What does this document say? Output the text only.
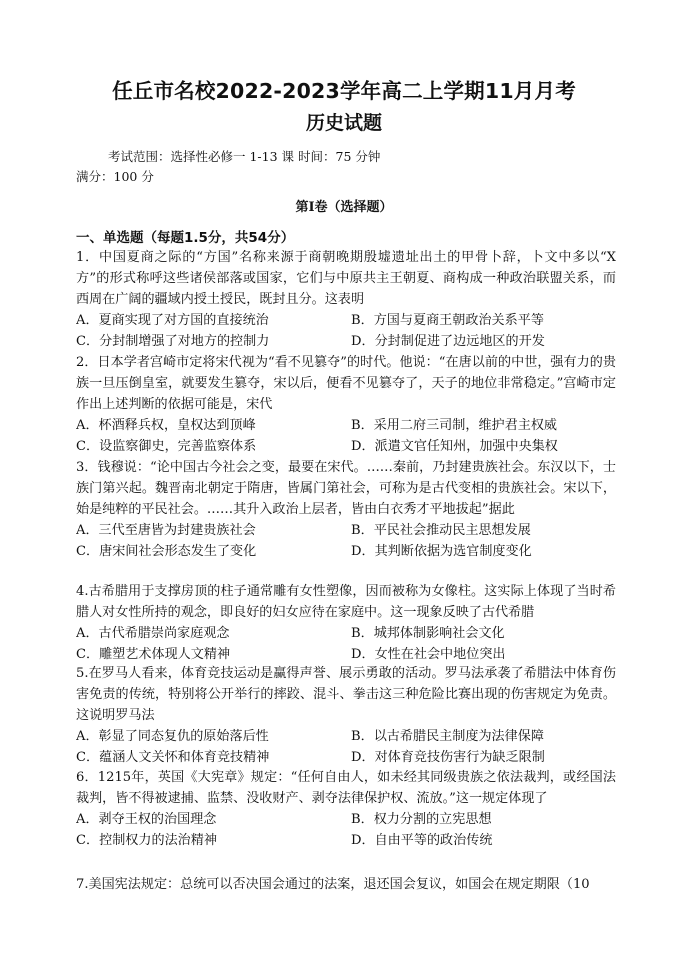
任丘市名校2022-2023学年高二上学期11月月考
历史试题
考试范围：选择性必修一 1-13 课 时间：75 分钟
满分：100 分
第Ⅰ卷（选择题）
一、单选题（每题1.5分，共54分）

1．中国夏商之际的“方国”名称来源于商朝晚期殷墟遗址出土的甲骨卜辞，卜文中多以“X方”的形式称呼这些诸侯部落或国家，它们与中原共主王朝夏、商构成一种政治联盟关系，而西周在广阔的疆域内授土授民，既封且分。这表明

A．夏商实现了对方国的直接统治	B．方国与夏商王朝政治关系平等
C．分封制增强了对地方的控制力	D．分封制促进了边远地区的开发

2．日本学者宫崎市定将宋代视为“看不见篡夺”的时代。他说：“在唐以前的中世，强有力的贵族一旦压倒皇室，就要发生篡夺，宋以后，便看不见篡夺了，天子的地位非常稳定。”宫崎市定作出上述判断的依据可能是，宋代

A．杯酒释兵权，皇权达到顶峰	B．采用二府三司制，维护君主权威
C．设监察御史，完善监察体系	D．派遣文官任知州，加强中央集权

3．钱穆说：“论中国古今社会之变，最要在宋代。……秦前，乃封建贵族社会。东汉以下，士族门第兴起。魏晋南北朝定于隋唐，皆属门第社会，可称为是古代变相的贵族社会。宋以下，始是纯粹的平民社会。……其升入政治上层者，皆由白衣秀才平地拔起”据此

A．三代至唐皆为封建贵族社会	B．平民社会推动民主思想发展
C．唐宋间社会形态发生了变化	D．其判断依据为选官制度变化

4.古希腊用于支撑房顶的柱子通常雕有女性塑像，因而被称为女像柱。这实际上体现了当时希腊人对女性所持的观念，即良好的妇女应待在家庭中。这一现象反映了古代希腊

A．古代希腊崇尚家庭观念	B．城邦体制影响社会文化
C．雕塑艺术体现人文精神	D．女性在社会中地位突出

5.在罗马人看来，体育竞技运动是赢得声誉、展示勇敢的活动。罗马法承袭了希腊法中体育伤害免责的传统，特别将公开举行的摔跤、混斗、拳击这三种危险比赛出现的伤害规定为免责。这说明罗马法

A．彰显了同态复仇的原始落后性	B．以古希腊民主制度为法律保障
C．蕴涵人文关怀和体育竞技精神	D．对体育竞技伤害行为缺乏限制

6．1215年，英国《大宪章》规定：“任何自由人，如未经其同级贵族之依法裁判，或经国法裁判，皆不得被逮捕、监禁、没收财产、剥夺法律保护权、流放。”这一规定体现了

A．剥夺王权的治国理念	B．权力分割的立宪思想
C．控制权力的法治精神	D．自由平等的政治传统
7.美国宪法规定：总统可以否决国会通过的法案，退还国会复议，如国会在规定期限（10
